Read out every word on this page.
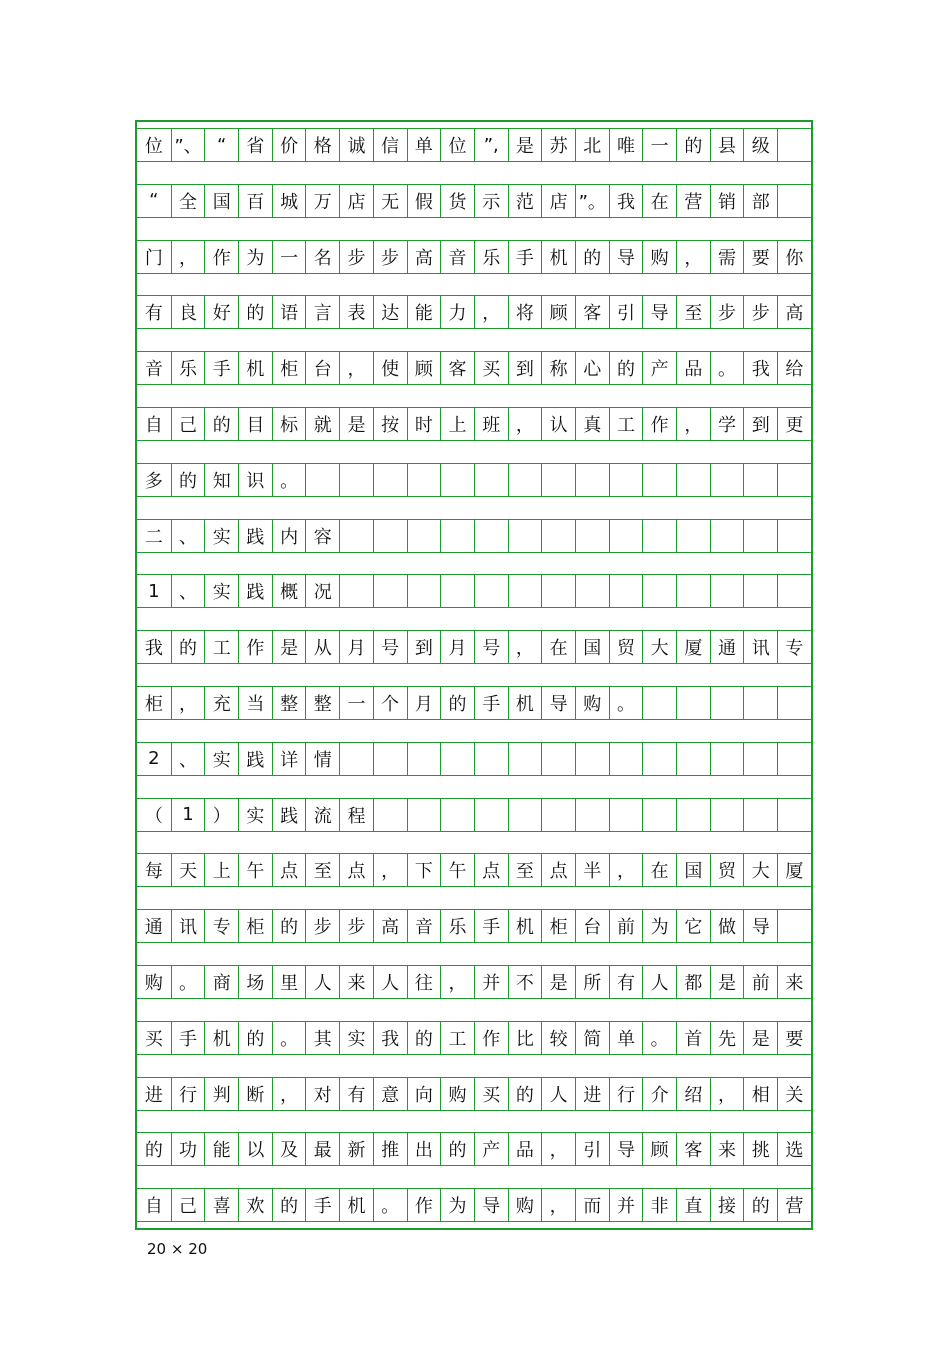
位 ”、 “	省 价 格 诚 信 单 位 ”, 是 苏 北 唯 一 的 县 级
“	全 国 百 城 万 店 无 假 货 示 范 店 ”。 我 在 营 销 部
门 ， 作 为 一 名 步 步 高 音 乐 手 机 的 导 购 ， 需 要 你
有 良 好 的 语 言 表 达 能 力 ， 将 顾 客 引 导 至 步 步 高
音 乐 手 机 柜 台 ， 使 顾 客 买 到 称 心 的 产 品 。 我 给
自 己 的 目 标 就 是 按 时 上 班 ， 认 真 工 作 ， 学 到 更
多 的 知 识 。
二 、 实 践 内 容
1	、 实 践 概 况
我 的 工 作 是 从 月 号 到 月 号 ， 在 国 贸 大 厦 通 讯 专
柜 ， 充 当 整 整 一 个 月 的 手 机 导 购 。
2	、 实 践 详 情
（	1	） 实 践 流 程
每 天 上 午 点 至 点 ， 下 午 点 至 点 半 ， 在 国 贸 大 厦
通 讯 专 柜 的 步 步 高 音 乐 手 机 柜 台 前 为 它 做 导
购 。 商 场 里 人 来 人 往 ， 并 不 是 所 有 人 都 是 前 来
买 手 机 的 。 其 实 我 的 工 作 比 较 简 单 。 首 先 是 要
进 行 判 断 ， 对 有 意 向 购 买 的 人 进 行 介 绍 ， 相 关
的 功 能 以 及 最 新 推 出 的 产 品 ， 引 导 顾 客 来 挑 选
自 己 喜 欢 的 手 机 。 作 为 导 购 ， 而 并 非 直 接 的 营
20 × 20
